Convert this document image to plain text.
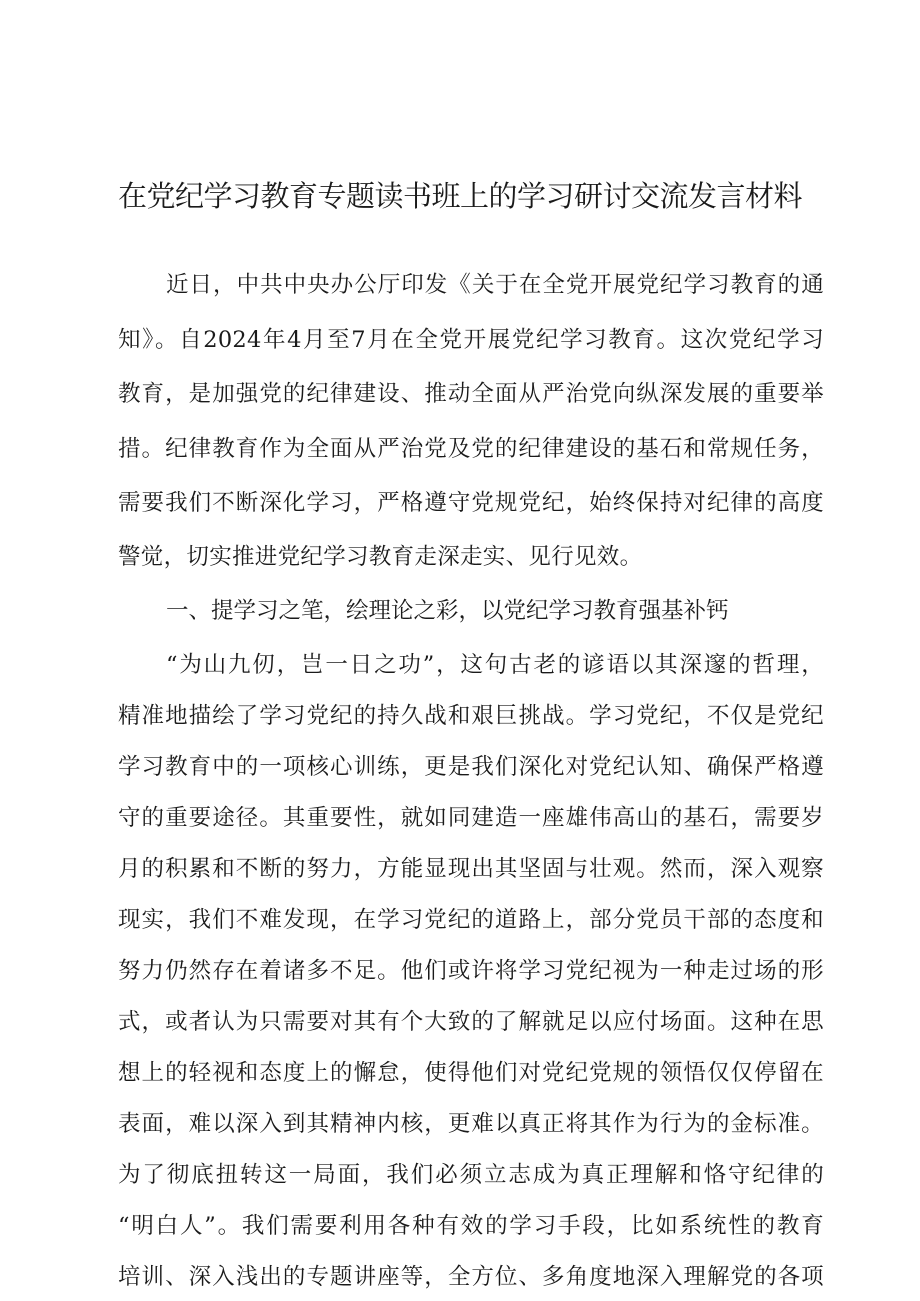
在党纪学习教育专题读书班上的学习研讨交流发言材料
近日，中共中央办公厅印发《关于在全党开展党纪学习教育的通
知》。自2024年4月至7月在全党开展党纪学习教育。这次党纪学习
教育，是加强党的纪律建设、推动全面从严治党向纵深发展的重要举
措。纪律教育作为全面从严治党及党的纪律建设的基石和常规任务，
需要我们不断深化学习，严格遵守党规党纪，始终保持对纪律的高度
警觉，切实推进党纪学习教育走深走实、见行见效。
一、提学习之笔，绘理论之彩，以党纪学习教育强基补钙
“为山九仞，岂一日之功”，这句古老的谚语以其深邃的哲理，
精准地描绘了学习党纪的持久战和艰巨挑战。学习党纪，不仅是党纪
学习教育中的一项核心训练，更是我们深化对党纪认知、确保严格遵
守的重要途径。其重要性，就如同建造一座雄伟高山的基石，需要岁
月的积累和不断的努力，方能显现出其坚固与壮观。然而，深入观察
现实，我们不难发现，在学习党纪的道路上，部分党员干部的态度和
努力仍然存在着诸多不足。他们或许将学习党纪视为一种走过场的形
式，或者认为只需要对其有个大致的了解就足以应付场面。这种在思
想上的轻视和态度上的懈怠，使得他们对党纪党规的领悟仅仅停留在
表面，难以深入到其精神内核，更难以真正将其作为行为的金标准。
为了彻底扭转这一局面，我们必须立志成为真正理解和恪守纪律的
“明白人”。我们需要利用各种有效的学习手段，比如系统性的教育
培训、深入浅出的专题讲座等，全方位、多角度地深入理解党的各项
